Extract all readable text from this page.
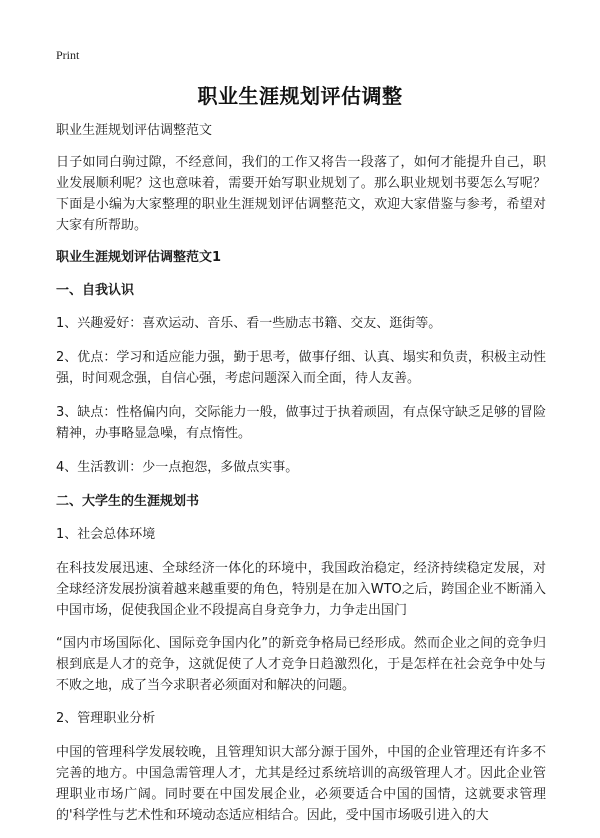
Print
职业生涯规划评估调整

职业生涯规划评估调整范文

日子如同白驹过隙，不经意间，我们的工作又将告一段落了，如何才能提升自己，职业发展顺利呢？这也意味着，需要开始写职业规划了。那么职业规划书要怎么写呢？下面是小编为大家整理的职业生涯规划评估调整范文，欢迎大家借鉴与参考，希望对大家有所帮助。

职业生涯规划评估调整范文1

一、自我认识

1、兴趣爱好：喜欢运动、音乐、看一些励志书籍、交友、逛街等。

2、优点：学习和适应能力强，勤于思考，做事仔细、认真、塌实和负责，积极主动性强，时间观念强，自信心强，考虑问题深入而全面，待人友善。

3、缺点：性格偏内向，交际能力一般，做事过于执着顽固，有点保守缺乏足够的冒险精神，办事略显急噪，有点惰性。

4、生活教训：少一点抱怨，多做点实事。

二、大学生的生涯规划书

1、社会总体环境

在科技发展迅速、全球经济一体化的环境中，我国政治稳定，经济持续稳定发展，对全球经济发展扮演着越来越重要的角色，特别是在加入WTO之后，跨国企业不断涌入中国市场，促使我国企业不段提高自身竞争力，力争走出国门

“国内市场国际化、国际竞争国内化”的新竞争格局已经形成。然而企业之间的竞争归根到底是人才的竞争，这就促使了人才竞争日趋激烈化，于是怎样在社会竞争中处与不败之地，成了当今求职者必须面对和解决的问题。

2、管理职业分析

中国的管理科学发展较晚，且管理知识大部分源于国外，中国的企业管理还有许多不完善的地方。中国急需管理人才，尤其是经过系统培训的高级管理人才。因此企业管理职业市场广阔。同时要在中国发展企业，必须要适合中国的国情，这就要求管理的'科学性与艺术性和环境动态适应相结合。因此，受中国市场吸引进入的大
